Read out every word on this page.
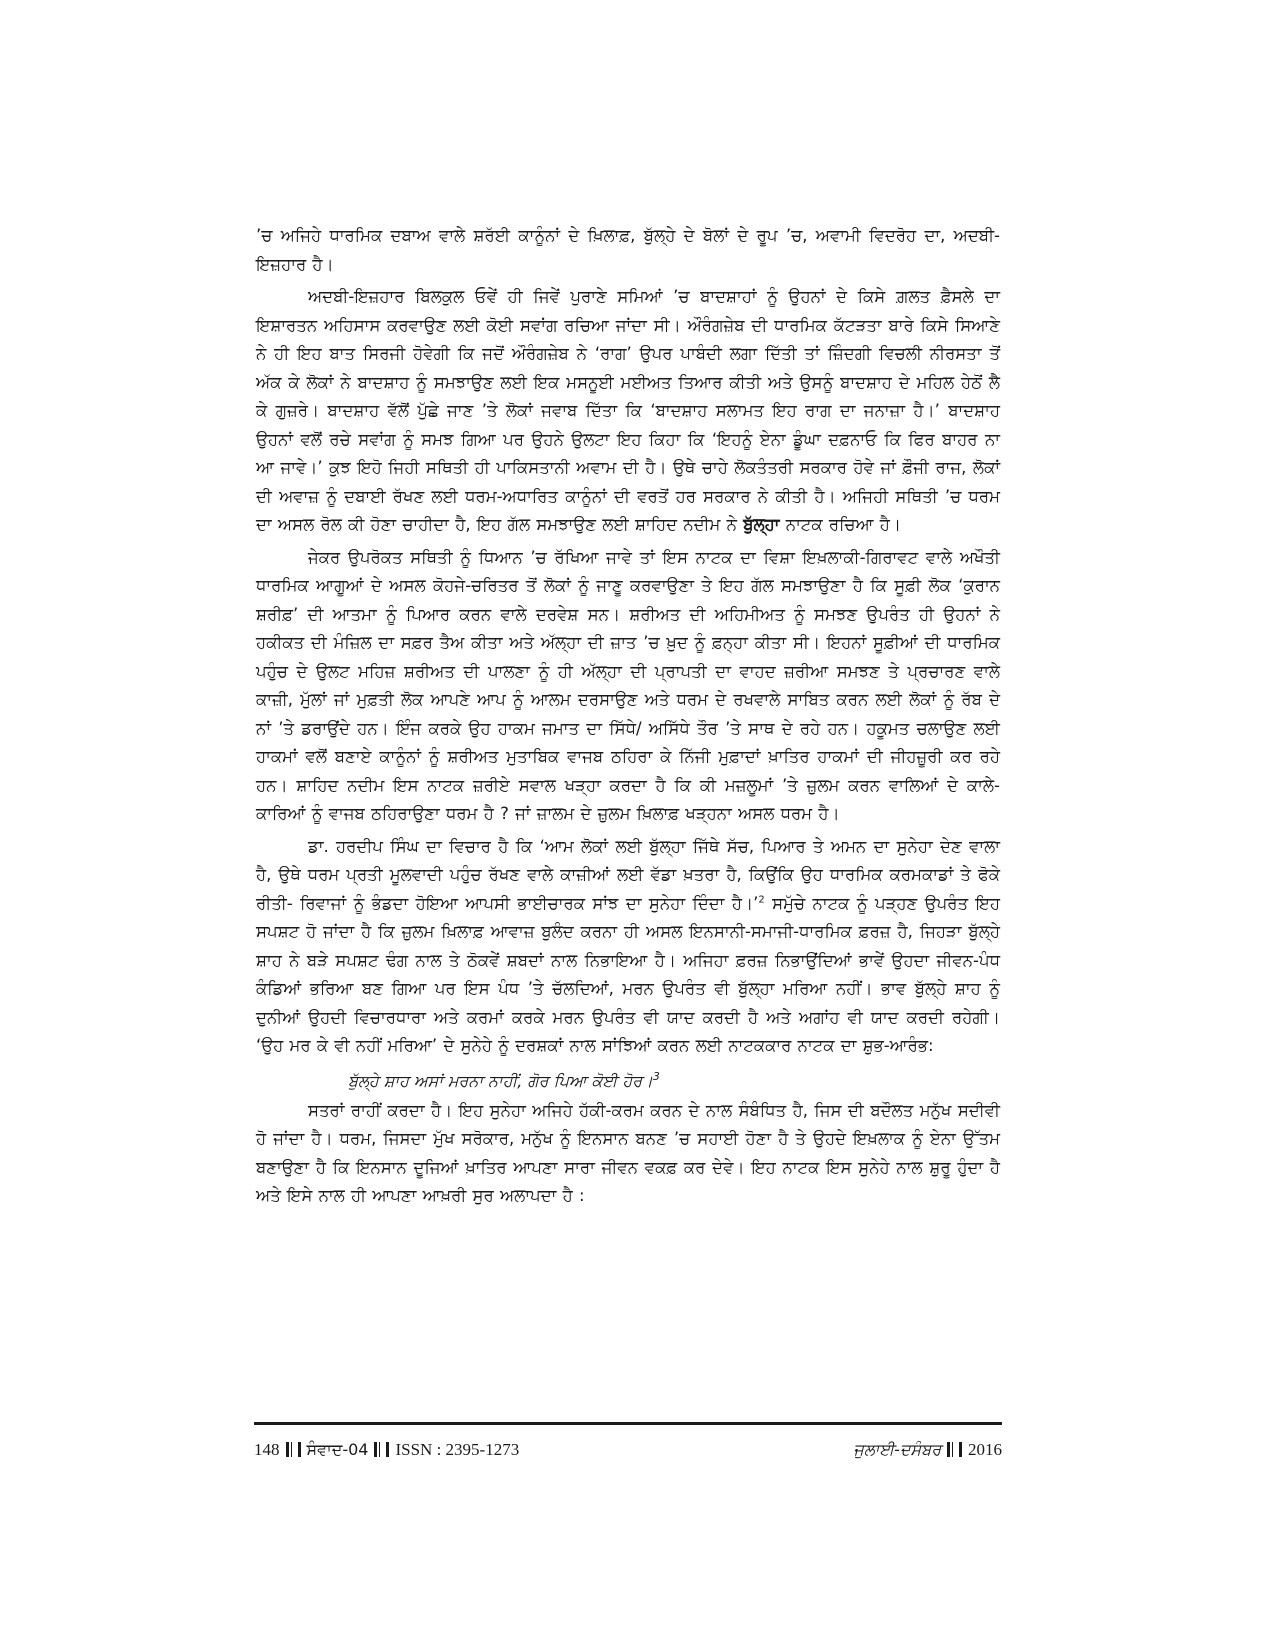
’ਚ ਅਜਿਹੇ ਧਾਰਮਿਕ ਦਬਾਅ ਵਾਲੇ ਸ਼ਰੱਈ ਕਾਨੂੰਨਾਂ ਦੇ ਖ਼ਿਲਾਫ਼, ਬੁੱਲ੍ਹੇ ਦੇ ਬੋਲਾਂ ਦੇ ਰੂਪ ’ਚ, ਅਵਾਮੀ ਵਿਦਰੋਹ ਦਾ, ਅਦਬੀ-ਇਜ਼ਹਾਰ ਹੈ।

ਅਦਬੀ-ਇਜ਼ਹਾਰ ਬਿਲਕੁਲ ਓਵੇਂ ਹੀ ਜਿਵੇਂ ਪੁਰਾਣੇ ਸਮਿਆਂ ’ਚ ਬਾਦਸ਼ਾਹਾਂ ਨੂੰ ਉਹਨਾਂ ਦੇ ਕਿਸੇ ਗ਼ਲਤ ਫ਼ੈਸਲੇ ਦਾ ਇਸ਼ਾਰਤਨ ਅਹਿਸਾਸ ਕਰਵਾਉਣ ਲਈ ਕੋਈ ਸਵਾਂਗ ਰਚਿਆ ਜਾਂਦਾ ਸੀ। ਔਰੰਗਜ਼ੇਬ ਦੀ ਧਾਰਮਿਕ ਕੱਟੜਤਾ ਬਾਰੇ ਕਿਸੇ ਸਿਆਣੇ ਨੇ ਹੀ ਇਹ ਬਾਤ ਸਿਰਜੀ ਹੋਵੇਗੀ ਕਿ ਜਦੋਂ ਔਰੰਗਜ਼ੇਬ ਨੇ ‘ਰਾਗ’ ਉਪਰ ਪਾਬੰਦੀ ਲਗਾ ਦਿੱਤੀ ਤਾਂ ਜ਼ਿੰਦਗੀ ਵਿਚਲੀ ਨੀਰਸਤਾ ਤੋਂ ਅੱਕ ਕੇ ਲੋਕਾਂ ਨੇ ਬਾਦਸ਼ਾਹ ਨੂੰ ਸਮਝਾਉਣ ਲਈ ਇਕ ਮਸਨੂਈ ਮਈਅਤ ਤਿਆਰ ਕੀਤੀ ਅਤੇ ਉਸਨੂੰ ਬਾਦਸ਼ਾਹ ਦੇ ਮਹਿਲ ਹੇਠੋਂ ਲੈ ਕੇ ਗੁਜ਼ਰੇ। ਬਾਦਸ਼ਾਹ ਵੱਲੋਂ ਪੁੱਛੇ ਜਾਣ ’ਤੇ ਲੋਕਾਂ ਜਵਾਬ ਦਿੱਤਾ ਕਿ ‘ਬਾਦਸ਼ਾਹ ਸਲਾਮਤ ਇਹ ਰਾਗ ਦਾ ਜਨਾਜ਼ਾ ਹੈ।’ ਬਾਦਸ਼ਾਹ ਉਹਨਾਂ ਵਲੋਂ ਰਚੇ ਸਵਾਂਗ ਨੂੰ ਸਮਝ ਗਿਆ ਪਰ ਉਹਨੇ ਉਲਟਾ ਇਹ ਕਿਹਾ ਕਿ ‘ਇਹਨੂੰ ਏਨਾ ਡੂੰਘਾ ਦਫ਼ਨਾਓ ਕਿ ਫਿਰ ਬਾਹਰ ਨਾ ਆ ਜਾਵੇ।’ ਕੁਝ ਇਹੋ ਜਿਹੀ ਸਥਿਤੀ ਹੀ ਪਾਕਿਸਤਾਨੀ ਅਵਾਮ ਦੀ ਹੈ। ਉਥੇ ਚਾਹੇ ਲੋਕਤੰਤਰੀ ਸਰਕਾਰ ਹੋਵੇ ਜਾਂ ਫ਼ੌਜੀ ਰਾਜ, ਲੋਕਾਂ ਦੀ ਅਵਾਜ਼ ਨੂੰ ਦਬਾਈ ਰੱਖਣ ਲਈ ਧਰਮ-ਅਧਾਰਿਤ ਕਾਨੂੰਨਾਂ ਦੀ ਵਰਤੋਂ ਹਰ ਸਰਕਾਰ ਨੇ ਕੀਤੀ ਹੈ। ਅਜਿਹੀ ਸਥਿਤੀ ’ਚ ਧਰਮ ਦਾ ਅਸਲ ਰੋਲ ਕੀ ਹੋਣਾ ਚਾਹੀਦਾ ਹੈ, ਇਹ ਗੱਲ ਸਮਝਾਉਣ ਲਈ ਸ਼ਾਹਿਦ ਨਦੀਮ ਨੇ ਬੁੱਲ੍ਹਾ ਨਾਟਕ ਰਚਿਆ ਹੈ।

ਜੇਕਰ ਉਪਰੋਕਤ ਸਥਿਤੀ ਨੂੰ ਧਿਆਨ ’ਚ ਰੱਖਿਆ ਜਾਵੇ ਤਾਂ ਇਸ ਨਾਟਕ ਦਾ ਵਿਸ਼ਾ ਇਖ਼ਲਾਕੀ-ਗਿਰਾਵਟ ਵਾਲੇ ਅਖੌਤੀ ਧਾਰਮਿਕ ਆਗੂਆਂ ਦੇ ਅਸਲ ਕੋਹਜੇ-ਚਰਿਤਰ ਤੋਂ ਲੋਕਾਂ ਨੂੰ ਜਾਣੂ ਕਰਵਾਉਣਾ ਤੇ ਇਹ ਗੱਲ ਸਮਝਾਉਣਾ ਹੈ ਕਿ ਸੂਫ਼ੀ ਲੋਕ ‘ਕੁਰਾਨ ਸ਼ਰੀਫ਼’ ਦੀ ਆਤਮਾ ਨੂੰ ਪਿਆਰ ਕਰਨ ਵਾਲੇ ਦਰਵੇਸ਼ ਸਨ। ਸ਼ਰੀਅਤ ਦੀ ਅਹਿਮੀਅਤ ਨੂੰ ਸਮਝਣ ਉਪਰੰਤ ਹੀ ਉਹਨਾਂ ਨੇ ਹਕੀਕਤ ਦੀ ਮੰਜ਼ਿਲ ਦਾ ਸਫ਼ਰ ਤੈਅ ਕੀਤਾ ਅਤੇ ਅੱਲ੍ਹਾ ਦੀ ਜ਼ਾਤ ’ਚ ਖ਼ੁਦ ਨੂੰ ਫ਼ਨ੍ਹਾ ਕੀਤਾ ਸੀ। ਇਹਨਾਂ ਸੂਫ਼ੀਆਂ ਦੀ ਧਾਰਮਿਕ ਪਹੁੰਚ ਦੇ ਉਲਟ ਮਹਿਜ਼ ਸ਼ਰੀਅਤ ਦੀ ਪਾਲਣਾ ਨੂੰ ਹੀ ਅੱਲ੍ਹਾ ਦੀ ਪ੍ਰਾਪਤੀ ਦਾ ਵਾਹਦ ਜ਼ਰੀਆ ਸਮਝਣ ਤੇ ਪ੍ਰਚਾਰਣ ਵਾਲੇ ਕਾਜ਼ੀ, ਮੁੱਲਾਂ ਜਾਂ ਮੁਫ਼ਤੀ ਲੋਕ ਆਪਣੇ ਆਪ ਨੂੰ ਆਲਮ ਦਰਸਾਉਣ ਅਤੇ ਧਰਮ ਦੇ ਰਖਵਾਲੇ ਸਾਬਿਤ ਕਰਨ ਲਈ ਲੋਕਾਂ ਨੂੰ ਰੱਬ ਦੇ ਨਾਂ ’ਤੇ ਡਰਾਉਂਦੇ ਹਨ। ਇੰਜ ਕਰਕੇ ਉਹ ਹਾਕਮ ਜਮਾਤ ਦਾ ਸਿੱਧੇ/ ਅਸਿੱਧੇ ਤੌਰ ’ਤੇ ਸਾਥ ਦੇ ਰਹੇ ਹਨ। ਹਕੂਮਤ ਚਲਾਉਣ ਲਈ ਹਾਕਮਾਂ ਵਲੋਂ ਬਣਾਏ ਕਾਨੂੰਨਾਂ ਨੂੰ ਸ਼ਰੀਅਤ ਮੁਤਾਬਿਕ ਵਾਜਬ ਠਹਿਰਾ ਕੇ ਨਿੱਜੀ ਮੁਫ਼ਾਦਾਂ ਖ਼ਾਤਿਰ ਹਾਕਮਾਂ ਦੀ ਜੀਹਜ਼ੂਰੀ ਕਰ ਰਹੇ ਹਨ। ਸ਼ਾਹਿਦ ਨਦੀਮ ਇਸ ਨਾਟਕ ਜ਼ਰੀਏ ਸਵਾਲ ਖੜ੍ਹਾ ਕਰਦਾ ਹੈ ਕਿ ਕੀ ਮਜ਼ਲੂਮਾਂ ’ਤੇ ਜ਼ੁਲਮ ਕਰਨ ਵਾਲਿਆਂ ਦੇ ਕਾਲੇ-ਕਾਰਿਆਂ ਨੂੰ ਵਾਜਬ ਠਹਿਰਾਉਣਾ ਧਰਮ ਹੈ ? ਜਾਂ ਜ਼ਾਲਮ ਦੇ ਜ਼ੁਲਮ ਖ਼ਿਲਾਫ਼ ਖੜ੍ਹਨਾ ਅਸਲ ਧਰਮ ਹੈ।

ਡਾ. ਹਰਦੀਪ ਸਿੰਘ ਦਾ ਵਿਚਾਰ ਹੈ ਕਿ ‘ਆਮ ਲੋਕਾਂ ਲਈ ਬੁੱਲ੍ਹਾ ਜਿੱਥੇ ਸੱਚ, ਪਿਆਰ ਤੇ ਅਮਨ ਦਾ ਸੁਨੇਹਾ ਦੇਣ ਵਾਲਾ ਹੈ, ਉਥੇ ਧਰਮ ਪ੍ਰਤੀ ਮੂਲਵਾਦੀ ਪਹੁੰਚ ਰੱਖਣ ਵਾਲੇ ਕਾਜ਼ੀਆਂ ਲਈ ਵੱਡਾ ਖ਼ਤਰਾ ਹੈ, ਕਿਉਂਕਿ ਉਹ ਧਾਰਮਿਕ ਕਰਮਕਾਡਾਂ ਤੇ ਫੋਕੇ ਰੀਤੀ- ਰਿਵਾਜਾਂ ਨੂੰ ਭੰਡਦਾ ਹੋਇਆ ਆਪਸੀ ਭਾਈਚਾਰਕ ਸਾਂਝ ਦਾ ਸੁਨੇਹਾ ਦਿੰਦਾ ਹੈ।’$^2$ ਸਮੁੱਚੇ ਨਾਟਕ ਨੂੰ ਪੜ੍ਹਣ ਉਪਰੰਤ ਇਹ ਸਪਸ਼ਟ ਹੋ ਜਾਂਦਾ ਹੈ ਕਿ ਜ਼ੁਲਮ ਖ਼ਿਲਾਫ਼ ਆਵਾਜ਼ ਬੁਲੰਦ ਕਰਨਾ ਹੀ ਅਸਲ ਇਨਸਾਨੀ-ਸਮਾਜੀ-ਧਾਰਮਿਕ ਫ਼ਰਜ਼ ਹੈ, ਜਿਹੜਾ ਬੁੱਲ੍ਹੇ ਸ਼ਾਹ ਨੇ ਬੜੇ ਸਪਸ਼ਟ ਢੰਗ ਨਾਲ ਤੇ ਠੋਕਵੇਂ ਸ਼ਬਦਾਂ ਨਾਲ ਨਿਭਾਇਆ ਹੈ। ਅਜਿਹਾ ਫ਼ਰਜ਼ ਨਿਭਾਉਂਦਿਆਂ ਭਾਵੇਂ ਉਹਦਾ ਜੀਵਨ-ਪੰਧ ਕੰਡਿਆਂ ਭਰਿਆ ਬਣ ਗਿਆ ਪਰ ਇਸ ਪੰਧ ’ਤੇ ਚੱਲਦਿਆਂ, ਮਰਨ ਉਪਰੰਤ ਵੀ ਬੁੱਲ੍ਹਾ ਮਰਿਆ ਨਹੀਂ। ਭਾਵ ਬੁੱਲ੍ਹੇ ਸ਼ਾਹ ਨੂੰ ਦੁਨੀਆਂ ਉਹਦੀ ਵਿਚਾਰਧਾਰਾ ਅਤੇ ਕਰਮਾਂ ਕਰਕੇ ਮਰਨ ਉਪਰੰਤ ਵੀ ਯਾਦ ਕਰਦੀ ਹੈ ਅਤੇ ਅਗਾਂਹ ਵੀ ਯਾਦ ਕਰਦੀ ਰਹੇਗੀ। ‘ਉਹ ਮਰ ਕੇ ਵੀ ਨਹੀਂ ਮਰਿਆ’ ਦੇ ਸੁਨੇਹੇ ਨੂੰ ਦਰਸ਼ਕਾਂ ਨਾਲ ਸਾਂਝਿਆਂ ਕਰਨ ਲਈ ਨਾਟਕਕਾਰ ਨਾਟਕ ਦਾ ਸ਼ੁਭ-ਆਰੰਭ:

ਬੁੱਲ੍ਹੇ ਸ਼ਾਹ ਅਸਾਂ ਮਰਨਾ ਨਾਹੀਂ, ਗੋਰ ਪਿਆ ਕੋਈ ਹੋਰ।$^3$

ਸਤਰਾਂ ਰਾਹੀਂ ਕਰਦਾ ਹੈ। ਇਹ ਸੁਨੇਹਾ ਅਜਿਹੇ ਹੱਕੀ-ਕਰਮ ਕਰਨ ਦੇ ਨਾਲ ਸੰਬੰਧਿਤ ਹੈ, ਜਿਸ ਦੀ ਬਦੌਲਤ ਮਨੁੱਖ ਸਦੀਵੀ ਹੋ ਜਾਂਦਾ ਹੈ। ਧਰਮ, ਜਿਸਦਾ ਮੁੱਖ ਸਰੋਕਾਰ, ਮਨੁੱਖ ਨੂੰ ਇਨਸਾਨ ਬਨਣ ’ਚ ਸਹਾਈ ਹੋਣਾ ਹੈ ਤੇ ਉਹਦੇ ਇਖ਼ਲਾਕ ਨੂੰ ਏਨਾ ਉੱਤਮ ਬਣਾਉਣਾ ਹੈ ਕਿ ਇਨਸਾਨ ਦੂਜਿਆਂ ਖ਼ਾਤਿਰ ਆਪਣਾ ਸਾਰਾ ਜੀਵਨ ਵਕਫ਼ ਕਰ ਦੇਵੇ। ਇਹ ਨਾਟਕ ਇਸ ਸੁਨੇਹੇ ਨਾਲ ਸ਼ੁਰੂ ਹੁੰਦਾ ਹੈ ਅਤੇ ਇਸੇ ਨਾਲ ਹੀ ਆਪਣਾ ਆਖ਼ਰੀ ਸੁਰ ਅਲਾਪਦਾ ਹੈ :

148 ਸੰਵਾਦ-04 ISSN : 2395-1273	ਜੁਲਾਈ-ਦਸੰਬਰ 2016
